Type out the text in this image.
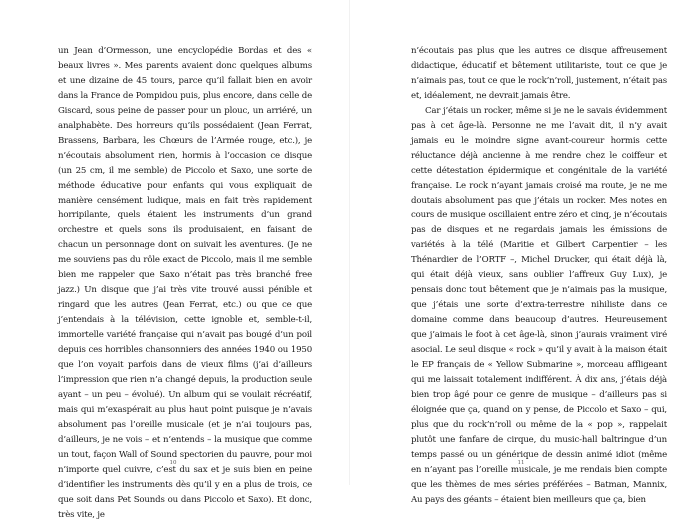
un Jean d’Ormesson, une encyclopédie Bordas et des « beaux livres ». Mes parents avaient donc quelques albums et une dizaine de 45 tours, parce qu’il fallait bien en avoir dans la France de Pompidou puis, plus encore, dans celle de Giscard, sous peine de passer pour un plouc, un arriéré, un analphabète. Des horreurs qu’ils possédaient (Jean Ferrat, Brassens, Barbara, les Chœurs de l’Armée rouge, etc.), je n’écoutais absolument rien, hormis à l’occasion ce disque (un 25 cm, il me semble) de Piccolo et Saxo, une sorte de méthode éducative pour enfants qui vous expliquait de manière censément ludique, mais en fait très rapidement horripilante, quels étaient les instruments d’un grand orchestre et quels sons ils produisaient, en faisant de chacun un personnage dont on suivait les aventures. (Je ne me souviens pas du rôle exact de Piccolo, mais il me semble bien me rappeler que Saxo n’était pas très branché free jazz.) Un disque que j’ai très vite trouvé aussi pénible et ringard que les autres (Jean Ferrat, etc.) ou que ce que j’entendais à la télévision, cette ignoble et, semble-t-il, immortelle variété française qui n’avait pas bougé d’un poil depuis ces horribles chansonniers des années 1940 ou 1950 que l’on voyait parfois dans de vieux films (j’ai d’ailleurs l’impression que rien n’a changé depuis, la production seule ayant – un peu – évolué). Un album qui se voulait récréatif, mais qui m’exaspérait au plus haut point puisque je n’avais absolument pas l’oreille musicale (et je n’ai toujours pas, d’ailleurs, je ne vois – et n’entends – la musique que comme un tout, façon Wall of Sound spectorien du pauvre, pour moi n’importe quel cuivre, c’est du sax et je suis bien en peine d’identifier les instruments dès qu’il y en a plus de trois, ce que soit dans Pet Sounds ou dans Piccolo et Saxo). Et donc, très vite, je

10

n’écoutais pas plus que les autres ce disque affreusement didactique, éducatif et bêtement utilitariste, tout ce que je n’aimais pas, tout ce que le rock’n’roll, justement, n’était pas et, idéalement, ne devrait jamais être.

Car j’étais un rocker, même si je ne le savais évidemment pas à cet âge-là. Personne ne me l’avait dit, il n’y avait jamais eu le moindre signe avant-coureur hormis cette réluctance déjà ancienne à me rendre chez le coiffeur et cette détestation épidermique et congénitale de la variété française. Le rock n’ayant jamais croisé ma route, je ne me doutais absolument pas que j’étais un rocker. Mes notes en cours de musique oscillaient entre zéro et cinq, je n’écoutais pas de disques et ne regardais jamais les émissions de variétés à la télé (Maritie et Gilbert Carpentier – les Thénardier de l’ORTF –, Michel Drucker, qui était déjà là, qui était déjà vieux, sans oublier l’affreux Guy Lux), je pensais donc tout bêtement que je n’aimais pas la musique, que j’étais une sorte d’extra-terrestre nihiliste dans ce domaine comme dans beaucoup d’autres. Heureusement que j’aimais le foot à cet âge-là, sinon j’aurais vraiment viré asocial. Le seul disque « rock » qu’il y avait à la maison était le EP français de « Yellow Submarine », morceau affligeant qui me laissait totalement indifférent. À dix ans, j’étais déjà bien trop âgé pour ce genre de musique – d’ailleurs pas si éloignée que ça, quand on y pense, de Piccolo et Saxo – qui, plus que du rock’n’roll ou même de la « pop », rappelait plutôt une fanfare de cirque, du music-hall baltringue d’un temps passé ou un générique de dessin animé idiot (même en n’ayant pas l’oreille musicale, je me rendais bien compte que les thèmes de mes séries préférées – Batman, Mannix, Au pays des géants – étaient bien meilleurs que ça, bien

11
